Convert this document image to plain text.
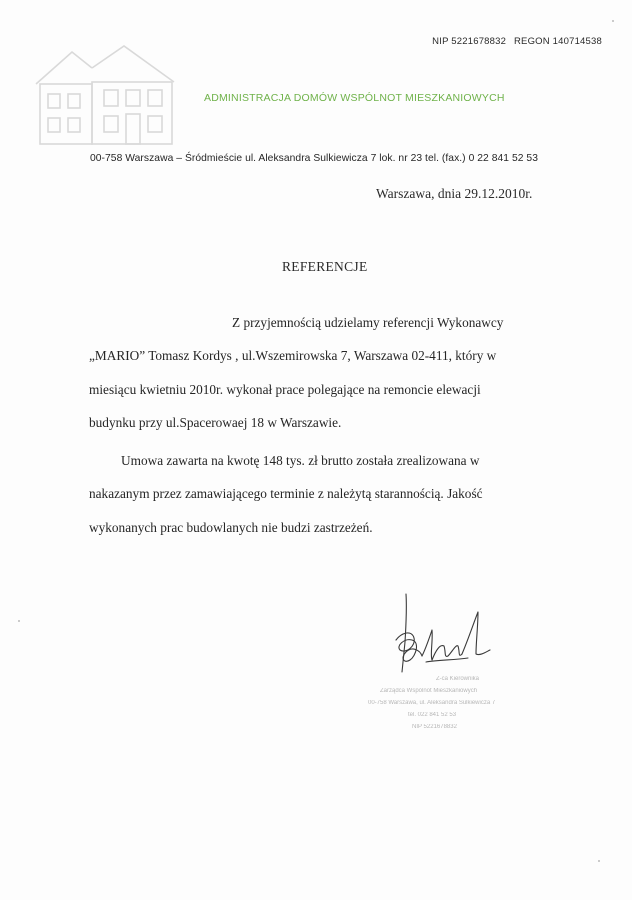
NIP 5221678832 REGON 140714538
ADMINISTRACJA DOMÓW WSPÓLNOT MIESZKANIOWYCH
00-758 Warszawa – Śródmieście ul. Aleksandra Sulkiewicza 7 lok. nr 23 tel. (fax.) 0 22 841 52 53
Warszawa, dnia 29.12.2010r.
REFERENCJE
Z przyjemnością udzielamy referencji Wykonawcy
„MARIO” Tomasz Kordys , ul.Wszemirowska 7, Warszawa 02-411, który w
miesiącu kwietniu 2010r. wykonał prace polegające na remoncie elewacji
budynku przy ul.Spacerowaej 18 w Warszawie.
Umowa zawarta na kwotę 148 tys. zł brutto została zrealizowana w
nakazanym przez zamawiającego terminie z należytą starannością. Jakość
wykonanych prac budowlanych nie budzi zastrzeżeń.
Z-ca Kierownika
Zarządca Wspólnot Mieszkaniowych
00-758 Warszawa, ul. Aleksandra Sulkiewicza 7
tel. 022 841 52 53
NIP 5221678832
